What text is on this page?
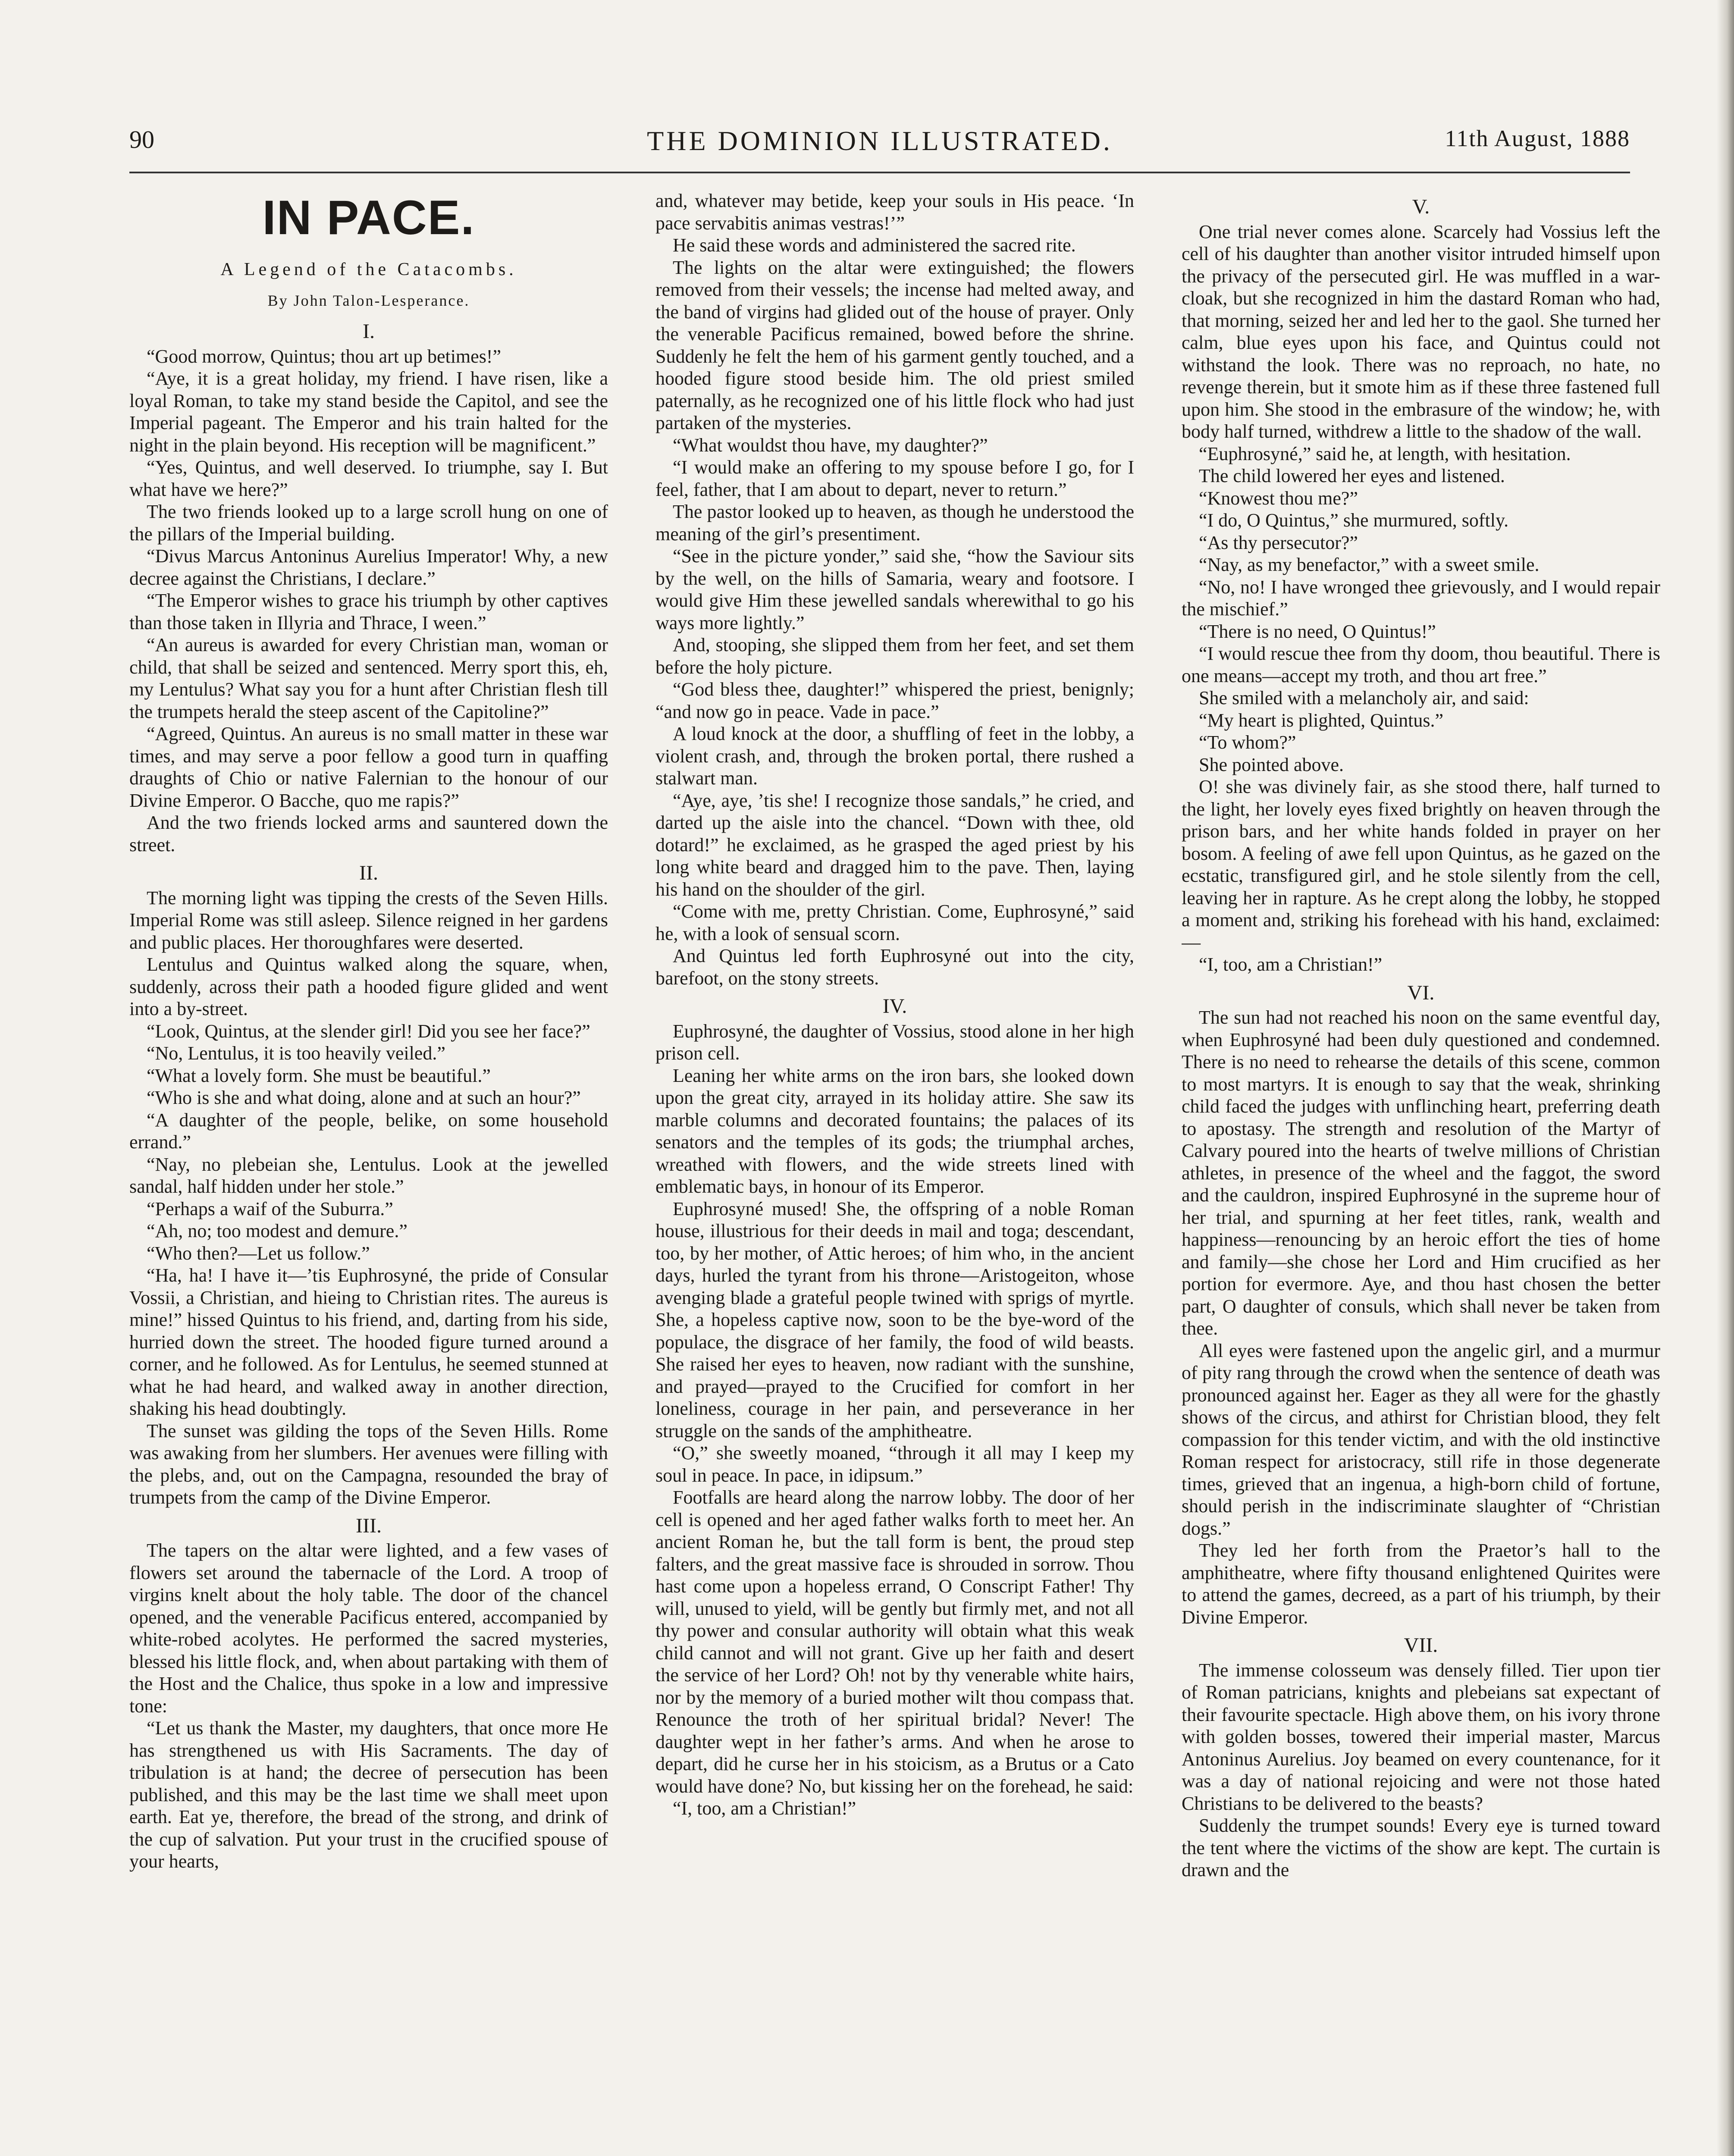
90	THE DOMINION ILLUSTRATED.	11th August, 1888
IN PACE.
A Legend of the Catacombs.
By John Talon-Lesperance.
I.

“Good morrow, Quintus; thou art up betimes!”

“Aye, it is a great holiday, my friend. I have risen, like a loyal Roman, to take my stand beside the Capitol, and see the Imperial pageant. The Emperor and his train halted for the night in the plain beyond. His reception will be magnificent.”

“Yes, Quintus, and well deserved. Io triumphe, say I. But what have we here?”

The two friends looked up to a large scroll hung on one of the pillars of the Imperial building.

“Divus Marcus Antoninus Aurelius Imperator! Why, a new decree against the Christians, I declare.”

“The Emperor wishes to grace his triumph by other captives than those taken in Illyria and Thrace, I ween.”

“An aureus is awarded for every Christian man, woman or child, that shall be seized and sentenced. Merry sport this, eh, my Lentulus? What say you for a hunt after Christian flesh till the trumpets herald the steep ascent of the Capitoline?”

“Agreed, Quintus. An aureus is no small matter in these war times, and may serve a poor fellow a good turn in quaffing draughts of Chio or native Falernian to the honour of our Divine Emperor. O Bacche, quo me rapis?”

And the two friends locked arms and sauntered down the street.

II.

The morning light was tipping the crests of the Seven Hills. Imperial Rome was still asleep. Silence reigned in her gardens and public places. Her thoroughfares were deserted.

Lentulus and Quintus walked along the square, when, suddenly, across their path a hooded figure glided and went into a by-street.

“Look, Quintus, at the slender girl! Did you see her face?”

“No, Lentulus, it is too heavily veiled.”

“What a lovely form. She must be beautiful.”

“Who is she and what doing, alone and at such an hour?”

“A daughter of the people, belike, on some household errand.”

“Nay, no plebeian she, Lentulus. Look at the jewelled sandal, half hidden under her stole.”

“Perhaps a waif of the Suburra.”

“Ah, no; too modest and demure.”

“Who then?—Let us follow.”

“Ha, ha! I have it—’tis Euphrosyné, the pride of Consular Vossii, a Christian, and hieing to Christian rites. The aureus is mine!” hissed Quintus to his friend, and, darting from his side, hurried down the street. The hooded figure turned around a corner, and he followed. As for Lentulus, he seemed stunned at what he had heard, and walked away in another direction, shaking his head doubtingly.

The sunset was gilding the tops of the Seven Hills. Rome was awaking from her slumbers. Her avenues were filling with the plebs, and, out on the Campagna, resounded the bray of trumpets from the camp of the Divine Emperor.

III.

The tapers on the altar were lighted, and a few vases of flowers set around the tabernacle of the Lord. A troop of virgins knelt about the holy table. The door of the chancel opened, and the venerable Pacificus entered, accompanied by white-robed acolytes. He performed the sacred mysteries, blessed his little flock, and, when about partaking with them of the Host and the Chalice, thus spoke in a low and impressive tone:

“Let us thank the Master, my daughters, that once more He has strengthened us with His Sacraments. The day of tribulation is at hand; the decree of persecution has been published, and this may be the last time we shall meet upon earth. Eat ye, therefore, the bread of the strong, and drink of the cup of salvation. Put your trust in the crucified spouse of your hearts,

and, whatever may betide, keep your souls in His peace. ‘In pace servabitis animas vestras!’”

He said these words and administered the sacred rite.

The lights on the altar were extinguished; the flowers removed from their vessels; the incense had melted away, and the band of virgins had glided out of the house of prayer. Only the venerable Pacificus remained, bowed before the shrine. Suddenly he felt the hem of his garment gently touched, and a hooded figure stood beside him. The old priest smiled paternally, as he recognized one of his little flock who had just partaken of the mysteries.

“What wouldst thou have, my daughter?”

“I would make an offering to my spouse before I go, for I feel, father, that I am about to depart, never to return.”

The pastor looked up to heaven, as though he understood the meaning of the girl’s presentiment.

“See in the picture yonder,” said she, “how the Saviour sits by the well, on the hills of Samaria, weary and footsore. I would give Him these jewelled sandals wherewithal to go his ways more lightly.”

And, stooping, she slipped them from her feet, and set them before the holy picture.

“God bless thee, daughter!” whispered the priest, benignly; “and now go in peace. Vade in pace.”

A loud knock at the door, a shuffling of feet in the lobby, a violent crash, and, through the broken portal, there rushed a stalwart man.

“Aye, aye, ’tis she! I recognize those sandals,” he cried, and darted up the aisle into the chancel. “Down with thee, old dotard!” he exclaimed, as he grasped the aged priest by his long white beard and dragged him to the pave. Then, laying his hand on the shoulder of the girl.

“Come with me, pretty Christian. Come, Euphrosyné,” said he, with a look of sensual scorn.

And Quintus led forth Euphrosyné out into the city, barefoot, on the stony streets.

IV.

Euphrosyné, the daughter of Vossius, stood alone in her high prison cell.

Leaning her white arms on the iron bars, she looked down upon the great city, arrayed in its holiday attire. She saw its marble columns and decorated fountains; the palaces of its senators and the temples of its gods; the triumphal arches, wreathed with flowers, and the wide streets lined with emblematic bays, in honour of its Emperor.

Euphrosyné mused! She, the offspring of a noble Roman house, illustrious for their deeds in mail and toga; descendant, too, by her mother, of Attic heroes; of him who, in the ancient days, hurled the tyrant from his throne—Aristogeiton, whose avenging blade a grateful people twined with sprigs of myrtle. She, a hopeless captive now, soon to be the bye-word of the populace, the disgrace of her family, the food of wild beasts. She raised her eyes to heaven, now radiant with the sunshine, and prayed—prayed to the Crucified for comfort in her loneliness, courage in her pain, and perseverance in her struggle on the sands of the amphitheatre.

“O,” she sweetly moaned, “through it all may I keep my soul in peace. In pace, in idipsum.”

Footfalls are heard along the narrow lobby. The door of her cell is opened and her aged father walks forth to meet her. An ancient Roman he, but the tall form is bent, the proud step falters, and the great massive face is shrouded in sorrow. Thou hast come upon a hopeless errand, O Conscript Father! Thy will, unused to yield, will be gently but firmly met, and not all thy power and consular authority will obtain what this weak child cannot and will not grant. Give up her faith and desert the service of her Lord? Oh! not by thy venerable white hairs, nor by the memory of a buried mother wilt thou compass that. Renounce the troth of her spiritual bridal? Never! The daughter wept in her father’s arms. And when he arose to depart, did he curse her in his stoicism, as a Brutus or a Cato would have done? No, but kissing her on the forehead, he said:

“I, too, am a Christian!”

V.

One trial never comes alone. Scarcely had Vossius left the cell of his daughter than another visitor intruded himself upon the privacy of the persecuted girl. He was muffled in a war-cloak, but she recognized in him the dastard Roman who had, that morning, seized her and led her to the gaol. She turned her calm, blue eyes upon his face, and Quintus could not withstand the look. There was no reproach, no hate, no revenge therein, but it smote him as if these three fastened full upon him. She stood in the embrasure of the window; he, with body half turned, withdrew a little to the shadow of the wall.

“Euphrosyné,” said he, at length, with hesitation.

The child lowered her eyes and listened.

“Knowest thou me?”

“I do, O Quintus,” she murmured, softly.

“As thy persecutor?”

“Nay, as my benefactor,” with a sweet smile.

“No, no! I have wronged thee grievously, and I would repair the mischief.”

“There is no need, O Quintus!”

“I would rescue thee from thy doom, thou beautiful. There is one means—accept my troth, and thou art free.”

She smiled with a melancholy air, and said:

“My heart is plighted, Quintus.”

“To whom?”

She pointed above.

O! she was divinely fair, as she stood there, half turned to the light, her lovely eyes fixed brightly on heaven through the prison bars, and her white hands folded in prayer on her bosom. A feeling of awe fell upon Quintus, as he gazed on the ecstatic, transfigured girl, and he stole silently from the cell, leaving her in rapture. As he crept along the lobby, he stopped a moment and, striking his forehead with his hand, exclaimed:—

“I, too, am a Christian!”

VI.

The sun had not reached his noon on the same eventful day, when Euphrosyné had been duly questioned and condemned. There is no need to rehearse the details of this scene, common to most martyrs. It is enough to say that the weak, shrinking child faced the judges with unflinching heart, preferring death to apostasy. The strength and resolution of the Martyr of Calvary poured into the hearts of twelve millions of Christian athletes, in presence of the wheel and the faggot, the sword and the cauldron, inspired Euphrosyné in the supreme hour of her trial, and spurning at her feet titles, rank, wealth and happiness—renouncing by an heroic effort the ties of home and family—she chose her Lord and Him crucified as her portion for evermore. Aye, and thou hast chosen the better part, O daughter of consuls, which shall never be taken from thee.

All eyes were fastened upon the angelic girl, and a murmur of pity rang through the crowd when the sentence of death was pronounced against her. Eager as they all were for the ghastly shows of the circus, and athirst for Christian blood, they felt compassion for this tender victim, and with the old instinctive Roman respect for aristocracy, still rife in those degenerate times, grieved that an ingenua, a high-born child of fortune, should perish in the indiscriminate slaughter of “Christian dogs.”

They led her forth from the Praetor’s hall to the amphitheatre, where fifty thousand enlightened Quirites were to attend the games, decreed, as a part of his triumph, by their Divine Emperor.

VII.

The immense colosseum was densely filled. Tier upon tier of Roman patricians, knights and plebeians sat expectant of their favourite spectacle. High above them, on his ivory throne with golden bosses, towered their imperial master, Marcus Antoninus Aurelius. Joy beamed on every countenance, for it was a day of national rejoicing and were not those hated Christians to be delivered to the beasts?

Suddenly the trumpet sounds! Every eye is turned toward the tent where the victims of the show are kept. The curtain is drawn and the
